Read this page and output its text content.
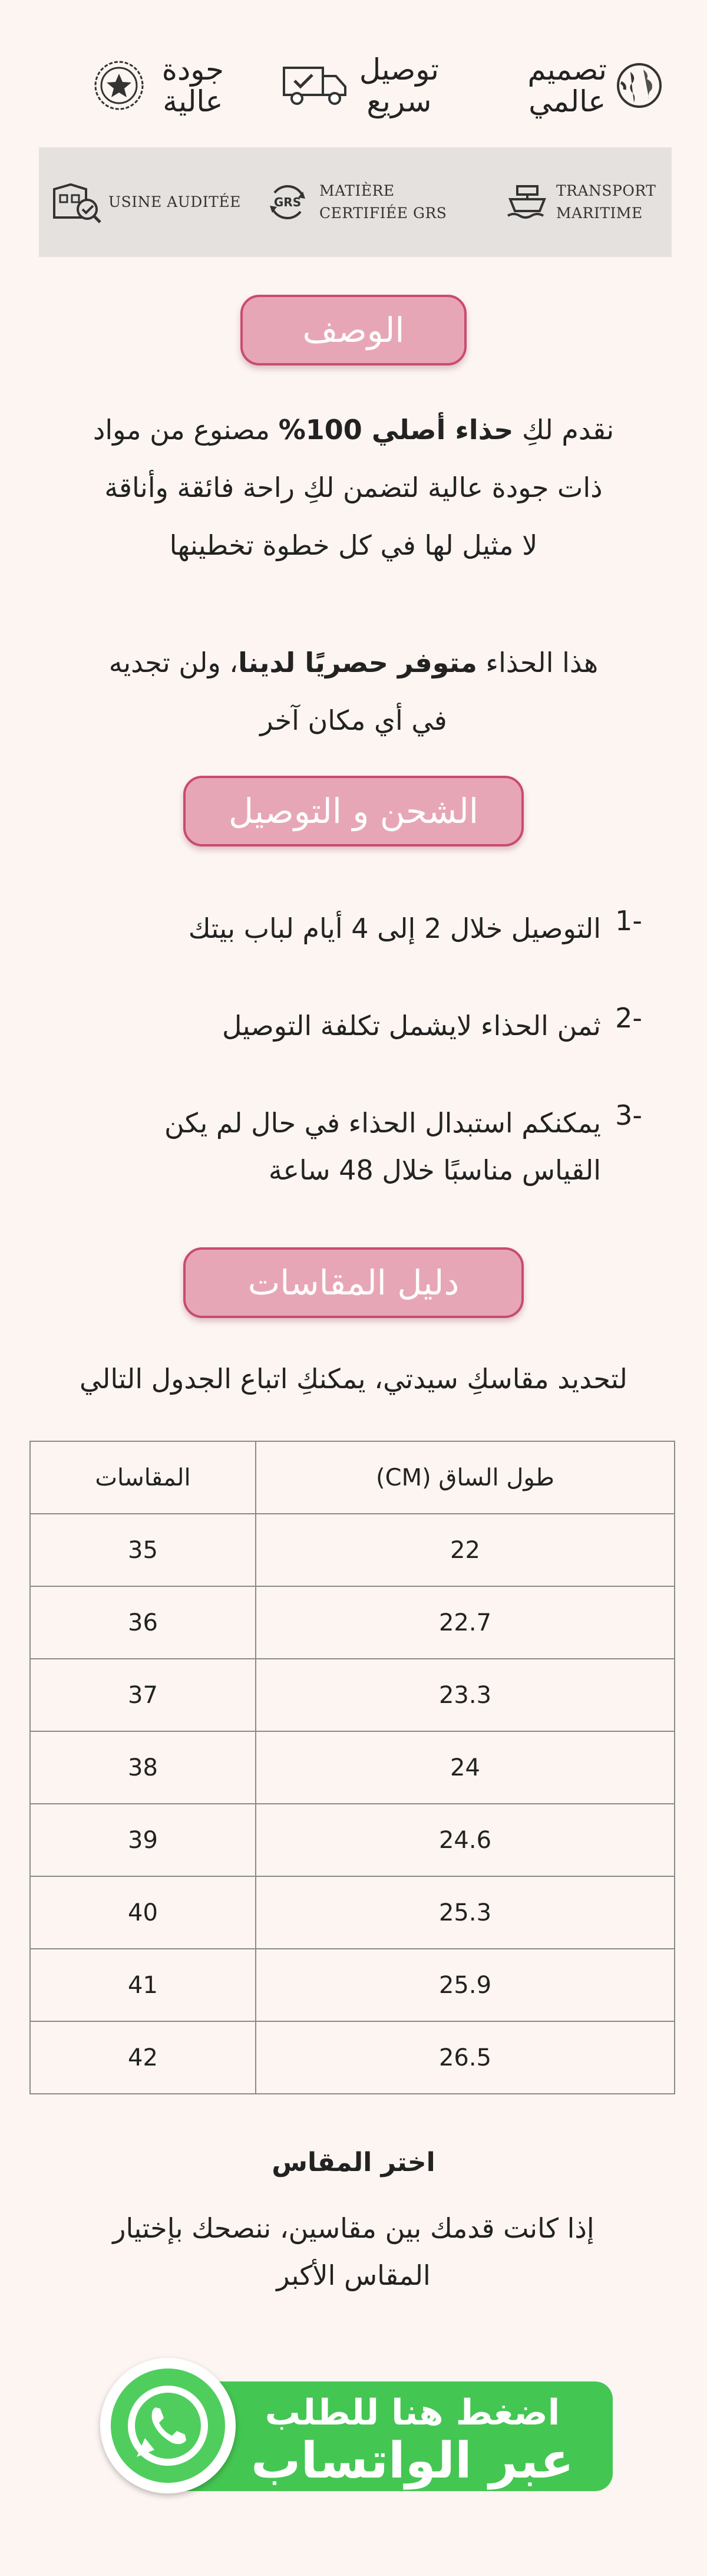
تصميم
عالمي
توصيل
سريع
جودة
عالية
TRANSPORT
MARITIME
GRS
MATIÈRE
CERTIFIÉE GRS
USINE AUDITÉE
الوصف
نقدم لكِ حذاء أصلي 100% مصنوع من مواد
ذات جودة عالية لتضمن لكِ راحة فائقة وأناقة
لا مثيل لها في كل خطوة تخطينها
هذا الحذاء متوفر حصريًا لدينا، ولن تجديه
في أي مكان آخر
الشحن و التوصيل
-1
التوصيل خلال 2 إلى 4 أيام لباب بيتك
-2
ثمن الحذاء لايشمل تكلفة التوصيل
-3
يمكنكم استبدال الحذاء في حال لم يكن
القياس مناسبًا خلال 48 ساعة
دليل المقاسات
لتحديد مقاسكِ سيدتي، يمكنكِ اتباع الجدول التالي
طول الساق (CM)	المقاسات
22	35
22.7	36
23.3	37
24	38
24.6	39
25.3	40
25.9	41
26.5	42
اختر المقاس
إذا كانت قدمك بين مقاسين، ننصحك بإختيار
المقاس الأكبر
اضغط هنا للطلب
عبر الواتساب
